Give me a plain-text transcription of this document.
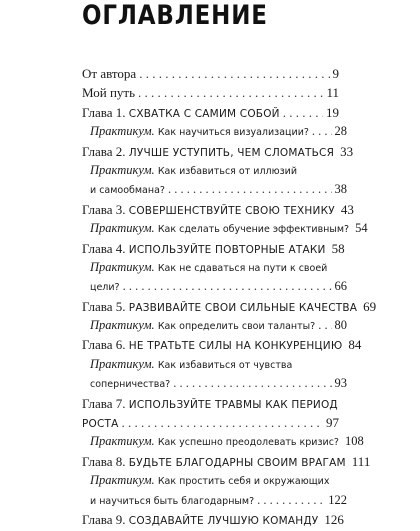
ОГЛАВЛЕНИЕ
От автора . . .	9
Мой путь . . .	11
Глава 1. СХВАТКА С САМИМ СОБОЙ . . .	19
Практикум. Как научиться визуализации? . . . 28
Глава 2. ЛУЧШЕ УСТУПИТЬ, ЧЕМ СЛОМАТЬСЯ 33
Практикум. Как избавиться от иллюзий
и самообмана? . . .	38
Глава 3. СОВЕРШЕНСТВУЙТЕ СВОЮ ТЕХНИКУ 43
Практикум. Как сделать обучение эффективным? 54
Глава 4. ИСПОЛЬЗУЙТЕ ПОВТОРНЫЕ АТАКИ 58
Практикум. Как не сдаваться на пути к своей
цели? . . .	66
Глава 5. РАЗВИВАЙТЕ СВОИ СИЛЬНЫЕ КАЧЕСТВА 69
Практикум. Как определить свои таланты? . . . 80
Глава 6. НЕ ТРАТЬТЕ СИЛЫ НА КОНКУРЕНЦИЮ 84
Практикум. Как избавиться от чувства
соперничества? . . .	93
Глава 7. ИСПОЛЬЗУЙТЕ ТРАВМЫ КАК ПЕРИОД
РОСТА . . .	97
Практикум. Как успешно преодолевать кризис? 108
Глава 8. БУДЬТЕ БЛАГОДАРНЫ СВОИМ ВРАГАМ 111
Практикум. Как простить себя и окружающих
и научиться быть благодарным? . . .	122
Глава 9. СОЗДАВАЙТЕ ЛУЧШУЮ КОМАНДУ 126
